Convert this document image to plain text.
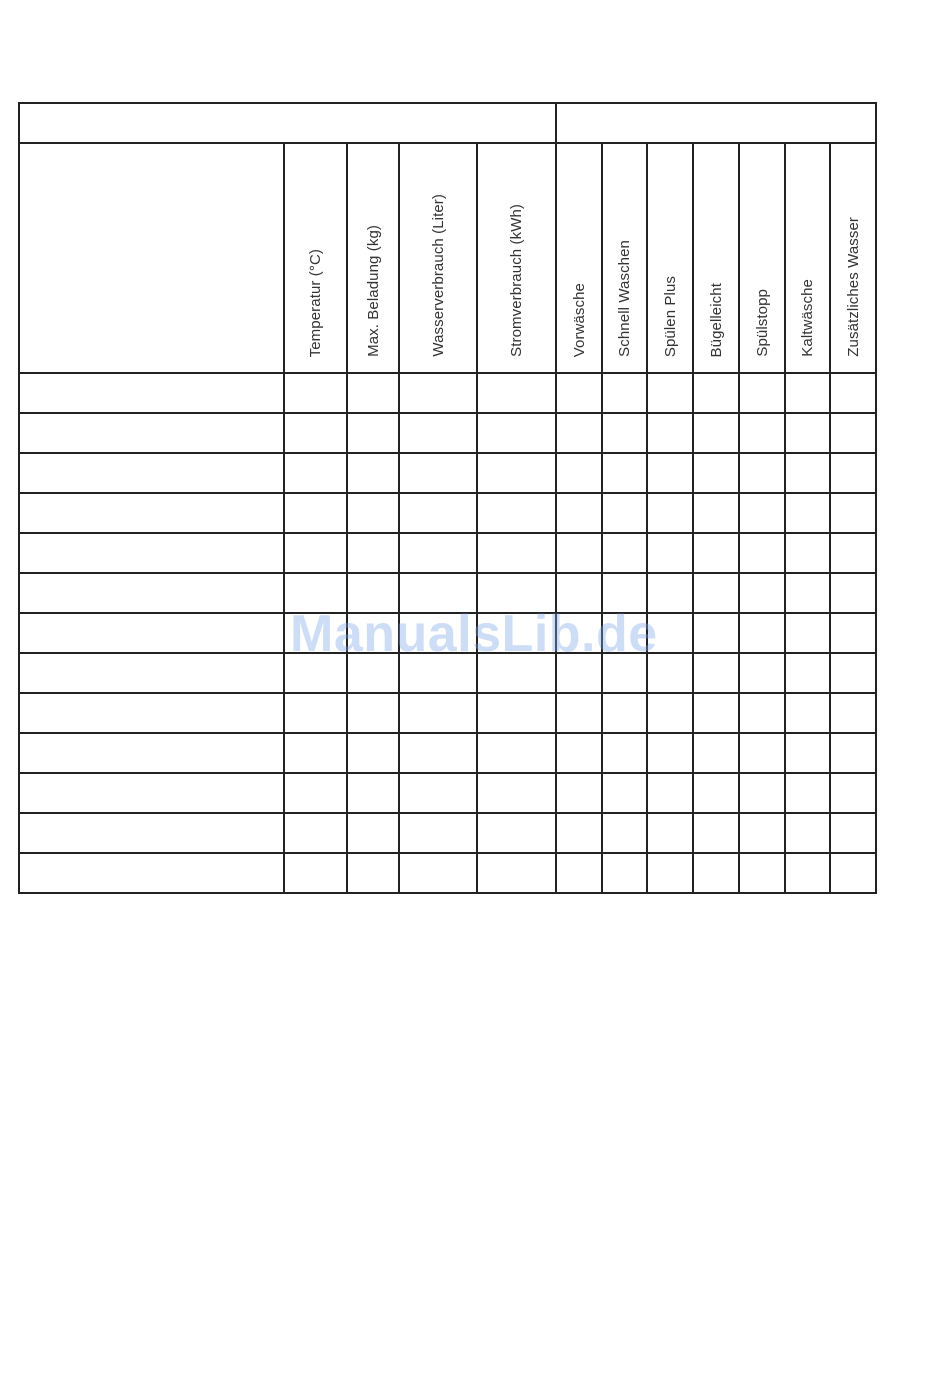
	Temperatur (°C)	Max. Beladung (kg)	Wasserverbrauch (Liter)	Stromverbrauch (kWh)	Vorwäsche	Schnell Waschen	Spülen Plus	Bügelleicht	Spülstopp	Kaltwäsche	Zusätzliches Wasser

ManualsLib.de
